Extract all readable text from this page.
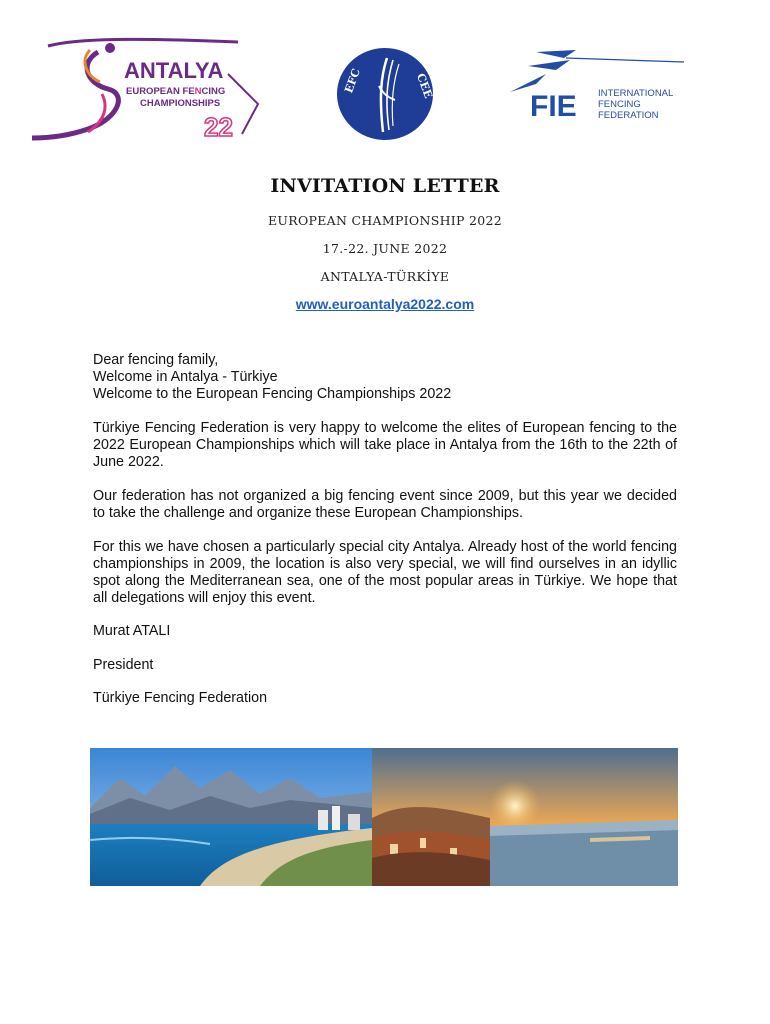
ANTALYA
EUROPEAN FENCING
CHAMPIONSHIPS
22
EFC	CEE
FIE INTERNATIONAL
FENCING
FEDERATION
INVITATION LETTER
EUROPEAN CHAMPIONSHIP 2022
17.-22. JUNE 2022
ANTALYA-TÜRKİYE
www.euroantalya2022.com
Dear fencing family,
Welcome in Antalya - Türkiye
Welcome to the European Fencing Championships 2022
Türkiye Fencing Federation is very happy to welcome the elites of European fencing to the 2022 European Championships which will take place in Antalya from the 16th to the 22th of June 2022.
Our federation has not organized a big fencing event since 2009, but this year we decided to take the challenge and organize these European Championships.
For this we have chosen a particularly special city Antalya. Already host of the world fencing championships in 2009, the location is also very special, we will find ourselves in an idyllic spot along the Mediterranean sea, one of the most popular areas in Türkiye. We hope that all delegations will enjoy this event.
Murat ATALI
President
Türkiye Fencing Federation
